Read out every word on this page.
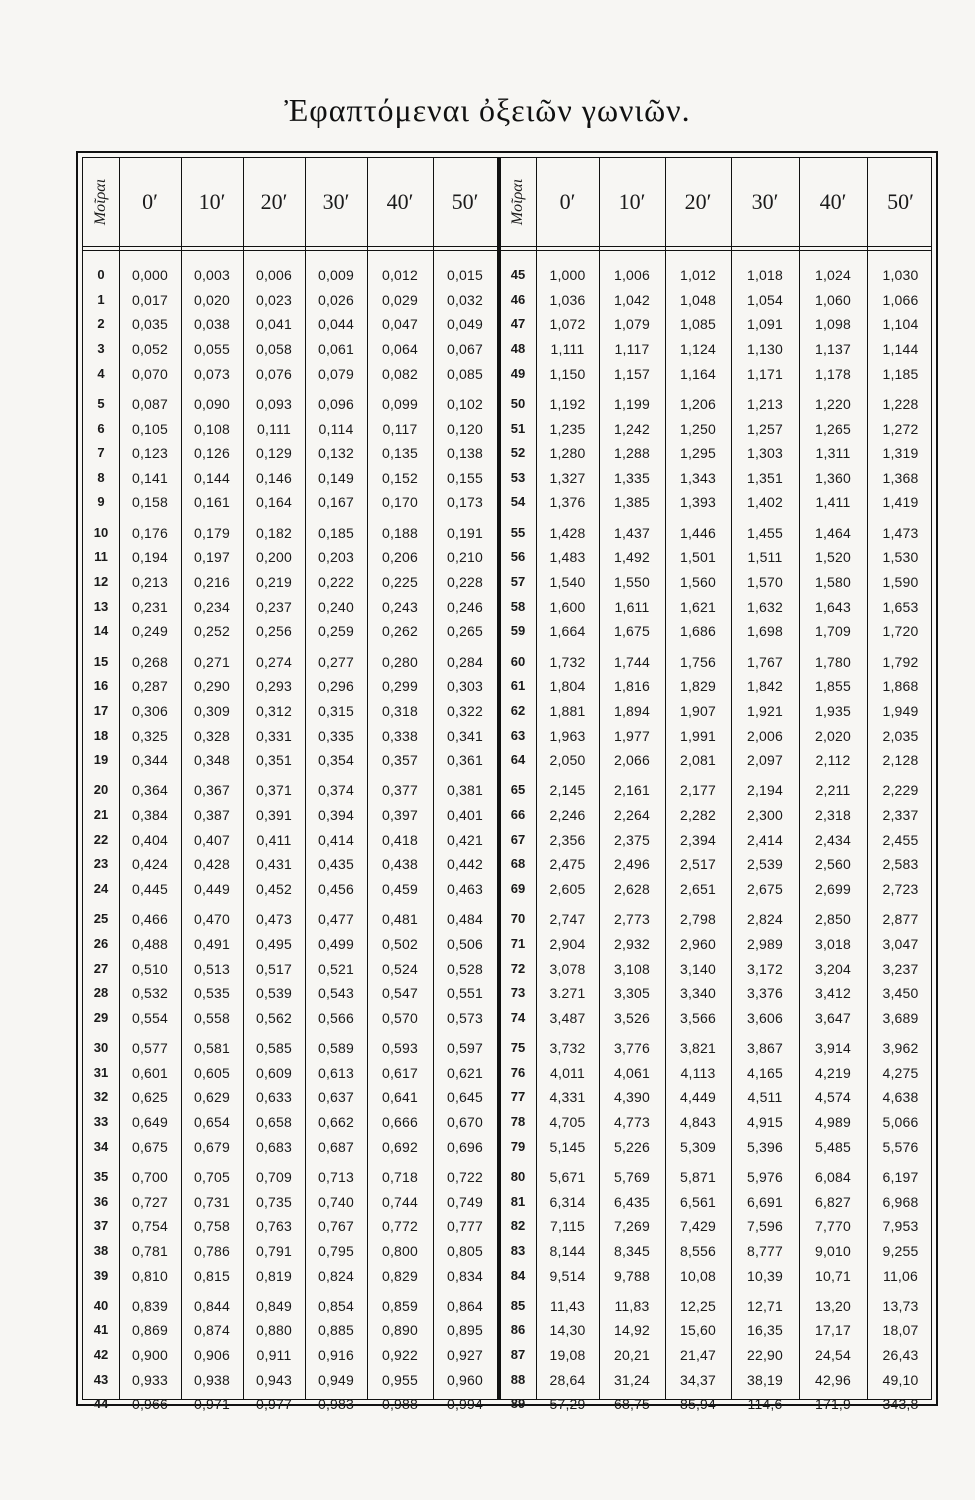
Ἐφαπτόμεναι ὀξειῶν γωνιῶν.
Μοῖραι	0′	10′	20′	30′	40′	50′	Μοῖραι	0′	10′	20′	30′	40′	50′
0	0,000	0,003	0,006	0,009	0,012	0,015
1	0,017	0,020	0,023	0,026	0,029	0,032
2	0,035	0,038	0,041	0,044	0,047	0,049
3	0,052	0,055	0,058	0,061	0,064	0,067
4	0,070	0,073	0,076	0,079	0,082	0,085
5	0,087	0,090	0,093	0,096	0,099	0,102
6	0,105	0,108	0,111	0,114	0,117	0,120
7	0,123	0,126	0,129	0,132	0,135	0,138
8	0,141	0,144	0,146	0,149	0,152	0,155
9	0,158	0,161	0,164	0,167	0,170	0,173
10	0,176	0,179	0,182	0,185	0,188	0,191
11	0,194	0,197	0,200	0,203	0,206	0,210
12	0,213	0,216	0,219	0,222	0,225	0,228
13	0,231	0,234	0,237	0,240	0,243	0,246
14	0,249	0,252	0,256	0,259	0,262	0,265
15	0,268	0,271	0,274	0,277	0,280	0,284
16	0,287	0,290	0,293	0,296	0,299	0,303
17	0,306	0,309	0,312	0,315	0,318	0,322
18	0,325	0,328	0,331	0,335	0,338	0,341
19	0,344	0,348	0,351	0,354	0,357	0,361
20	0,364	0,367	0,371	0,374	0,377	0,381
21	0,384	0,387	0,391	0,394	0,397	0,401
22	0,404	0,407	0,411	0,414	0,418	0,421
23	0,424	0,428	0,431	0,435	0,438	0,442
24	0,445	0,449	0,452	0,456	0,459	0,463
25	0,466	0,470	0,473	0,477	0,481	0,484
26	0,488	0,491	0,495	0,499	0,502	0,506
27	0,510	0,513	0,517	0,521	0,524	0,528
28	0,532	0,535	0,539	0,543	0,547	0,551
29	0,554	0,558	0,562	0,566	0,570	0,573
30	0,577	0,581	0,585	0,589	0,593	0,597
31	0,601	0,605	0,609	0,613	0,617	0,621
32	0,625	0,629	0,633	0,637	0,641	0,645
33	0,649	0,654	0,658	0,662	0,666	0,670
34	0,675	0,679	0,683	0,687	0,692	0,696
35	0,700	0,705	0,709	0,713	0,718	0,722
36	0,727	0,731	0,735	0,740	0,744	0,749
37	0,754	0,758	0,763	0,767	0,772	0,777
38	0,781	0,786	0,791	0,795	0,800	0,805
39	0,810	0,815	0,819	0,824	0,829	0,834
40	0,839	0,844	0,849	0,854	0,859	0,864
41	0,869	0,874	0,880	0,885	0,890	0,895
42	0,900	0,906	0,911	0,916	0,922	0,927
43	0,933	0,938	0,943	0,949	0,955	0,960
44	0,966	0,971	0,977	0,983	0,988	0,994
45	1,000	1,006	1,012	1,018	1,024	1,030
46	1,036	1,042	1,048	1,054	1,060	1,066
47	1,072	1,079	1,085	1,091	1,098	1,104
48	1,111	1,117	1,124	1,130	1,137	1,144
49	1,150	1,157	1,164	1,171	1,178	1,185
50	1,192	1,199	1,206	1,213	1,220	1,228
51	1,235	1,242	1,250	1,257	1,265	1,272
52	1,280	1,288	1,295	1,303	1,311	1,319
53	1,327	1,335	1,343	1,351	1,360	1,368
54	1,376	1,385	1,393	1,402	1,411	1,419
55	1,428	1,437	1,446	1,455	1,464	1,473
56	1,483	1,492	1,501	1,511	1,520	1,530
57	1,540	1,550	1,560	1,570	1,580	1,590
58	1,600	1,611	1,621	1,632	1,643	1,653
59	1,664	1,675	1,686	1,698	1,709	1,720
60	1,732	1,744	1,756	1,767	1,780	1,792
61	1,804	1,816	1,829	1,842	1,855	1,868
62	1,881	1,894	1,907	1,921	1,935	1,949
63	1,963	1,977	1,991	2,006	2,020	2,035
64	2,050	2,066	2,081	2,097	2,112	2,128
65	2,145	2,161	2,177	2,194	2,211	2,229
66	2,246	2,264	2,282	2,300	2,318	2,337
67	2,356	2,375	2,394	2,414	2,434	2,455
68	2,475	2,496	2,517	2,539	2,560	2,583
69	2,605	2,628	2,651	2,675	2,699	2,723
70	2,747	2,773	2,798	2,824	2,850	2,877
71	2,904	2,932	2,960	2,989	3,018	3,047
72	3,078	3,108	3,140	3,172	3,204	3,237
73	3.271	3,305	3,340	3,376	3,412	3,450
74	3,487	3,526	3,566	3,606	3,647	3,689
75	3,732	3,776	3,821	3,867	3,914	3,962
76	4,011	4,061	4,113	4,165	4,219	4,275
77	4,331	4,390	4,449	4,511	4,574	4,638
78	4,705	4,773	4,843	4,915	4,989	5,066
79	5,145	5,226	5,309	5,396	5,485	5,576
80	5,671	5,769	5,871	5,976	6,084	6,197
81	6,314	6,435	6,561	6,691	6,827	6,968
82	7,115	7,269	7,429	7,596	7,770	7,953
83	8,144	8,345	8,556	8,777	9,010	9,255
84	9,514	9,788	10,08	10,39	10,71	11,06
85	11,43	11,83	12,25	12,71	13,20	13,73
86	14,30	14,92	15,60	16,35	17,17	18,07
87	19,08	20,21	21,47	22,90	24,54	26,43
88	28,64	31,24	34,37	38,19	42,96	49,10
89	57,29	68,75	85,94	114,6	171,9	343,8
